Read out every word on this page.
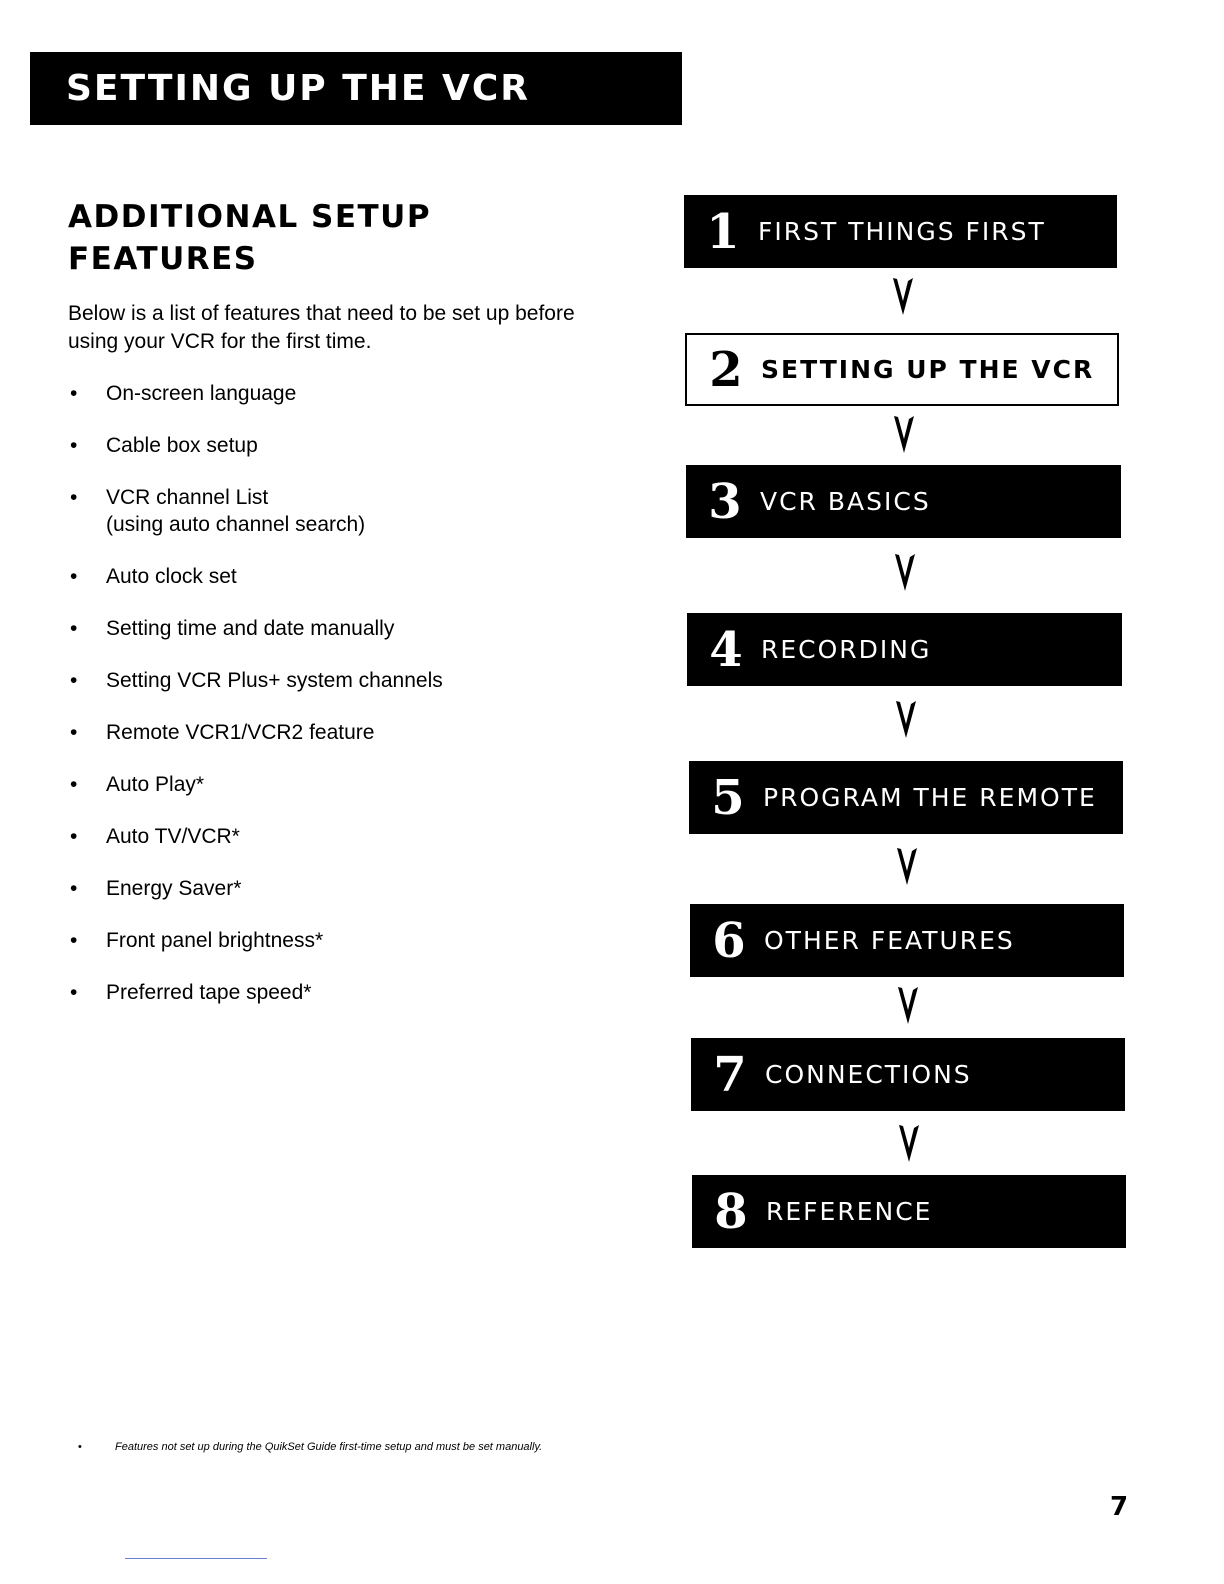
SETTING UP THE VCR
ADDITIONAL SETUP FEATURES

Below is a list of features that need to be set up before using your VCR for the first time.

• On-screen language
• Cable box setup
• VCR channel List
(using auto channel search)
• Auto clock set
• Setting time and date manually
• Setting VCR Plus+ system channels
• Remote VCR1/VCR2 feature
• Auto Play*
• Auto TV/VCR*
• Energy Saver*
• Front panel brightness*
• Preferred tape speed*
1 FIRST THINGS FIRST
2 SETTING UP THE VCR
3 VCR BASICS
4 RECORDING
5 PROGRAM THE REMOTE
6 OTHER FEATURES
7 CONNECTIONS
8 REFERENCE
•	Features not set up during the QuikSet Guide first-time setup and must be set manually.
7
